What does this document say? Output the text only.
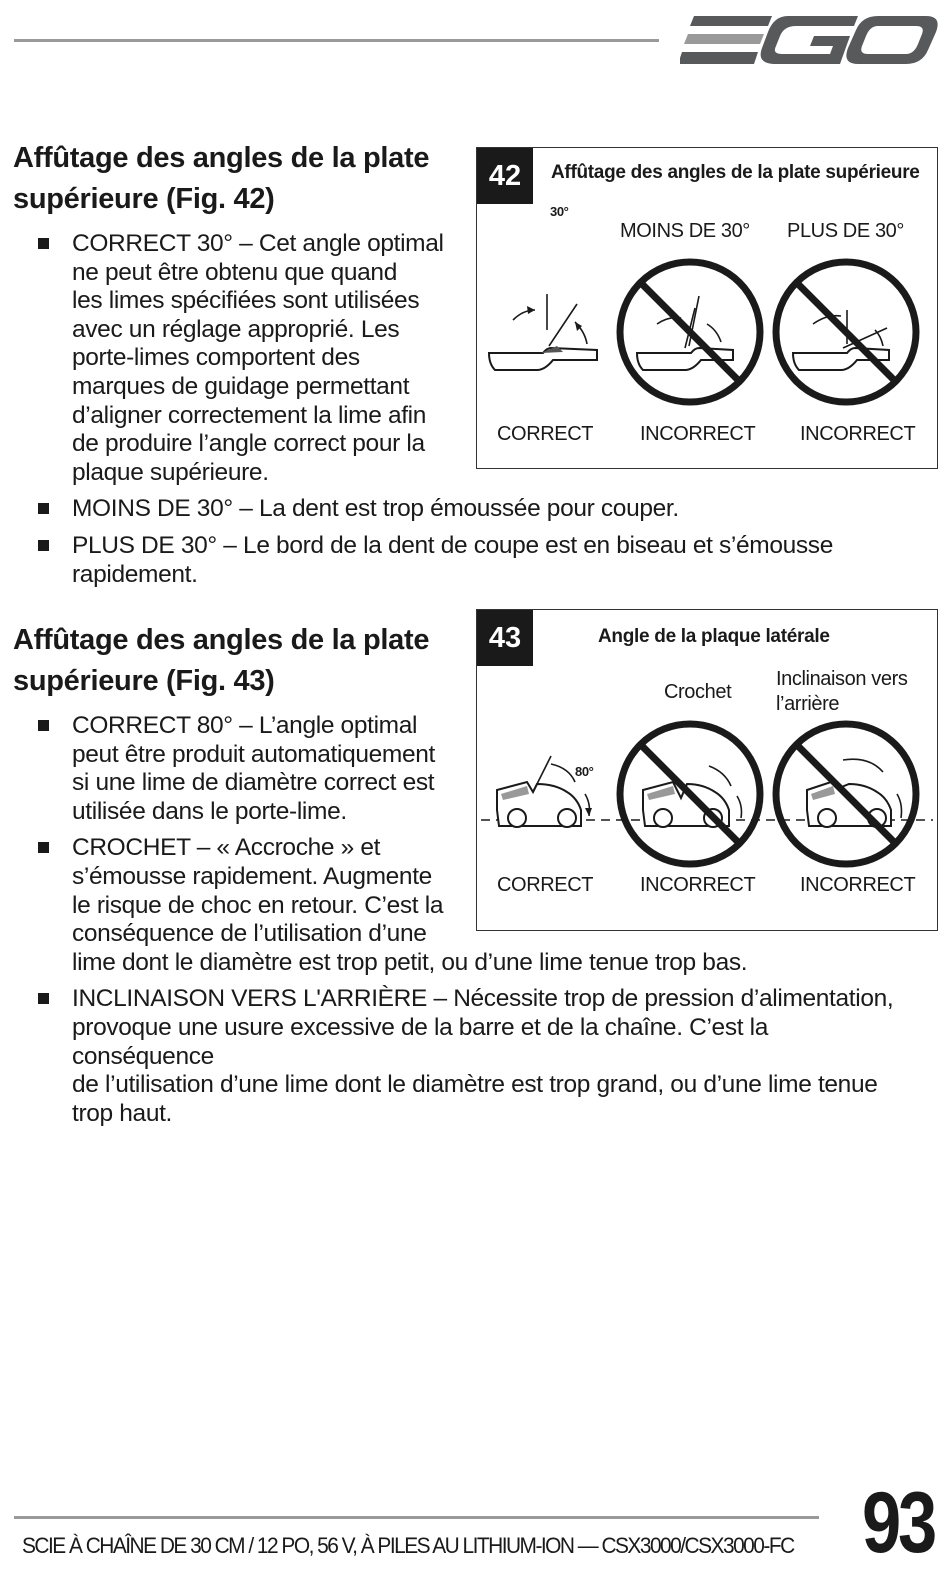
Affûtage des angles de la plate
supérieure (Fig. 42)
CORRECT 30° – Cet angle optimal
ne peut être obtenu que quand
les limes spécifiées sont utilisées
avec un réglage approprié. Les
porte-limes comportent des
marques de guidage permettant
d’aligner correctement la lime afin
de produire l’angle correct pour la
plaque supérieure.
MOINS DE 30° – La dent est trop émoussée pour couper.
PLUS DE 30° – Le bord de la dent de coupe est en biseau et s’émousse
rapidement.
42	Affûtage des angles de la plate supérieure
MOINS DE 30° PLUS DE 30°
30°
CORRECT INCORRECT INCORRECT
Affûtage des angles de la plate
supérieure (Fig. 43)
CORRECT 80° – L’angle optimal
peut être produit automatiquement
si une lime de diamètre correct est
utilisée dans le porte-lime.
CROCHET – « Accroche » et
s’émousse rapidement. Augmente
le risque de choc en retour. C’est la
conséquence de l’utilisation d’une
lime dont le diamètre est trop petit, ou d’une lime tenue trop bas.
INCLINAISON VERS L'ARRIÈRE – Nécessite trop de pression d’alimentation,
provoque une usure excessive de la barre et de la chaîne. C’est la conséquence
de l’utilisation d’une lime dont le diamètre est trop grand, ou d’une lime tenue
trop haut.
43	Angle de la plaque latérale
Crochet
Inclinaison vers
l’arrière
80°
CORRECT INCORRECT INCORRECT
SCIE À CHAÎNE DE 30 CM / 12 PO, 56 V, À PILES AU LITHIUM-ION — CSX3000/CSX3000-FC 93
